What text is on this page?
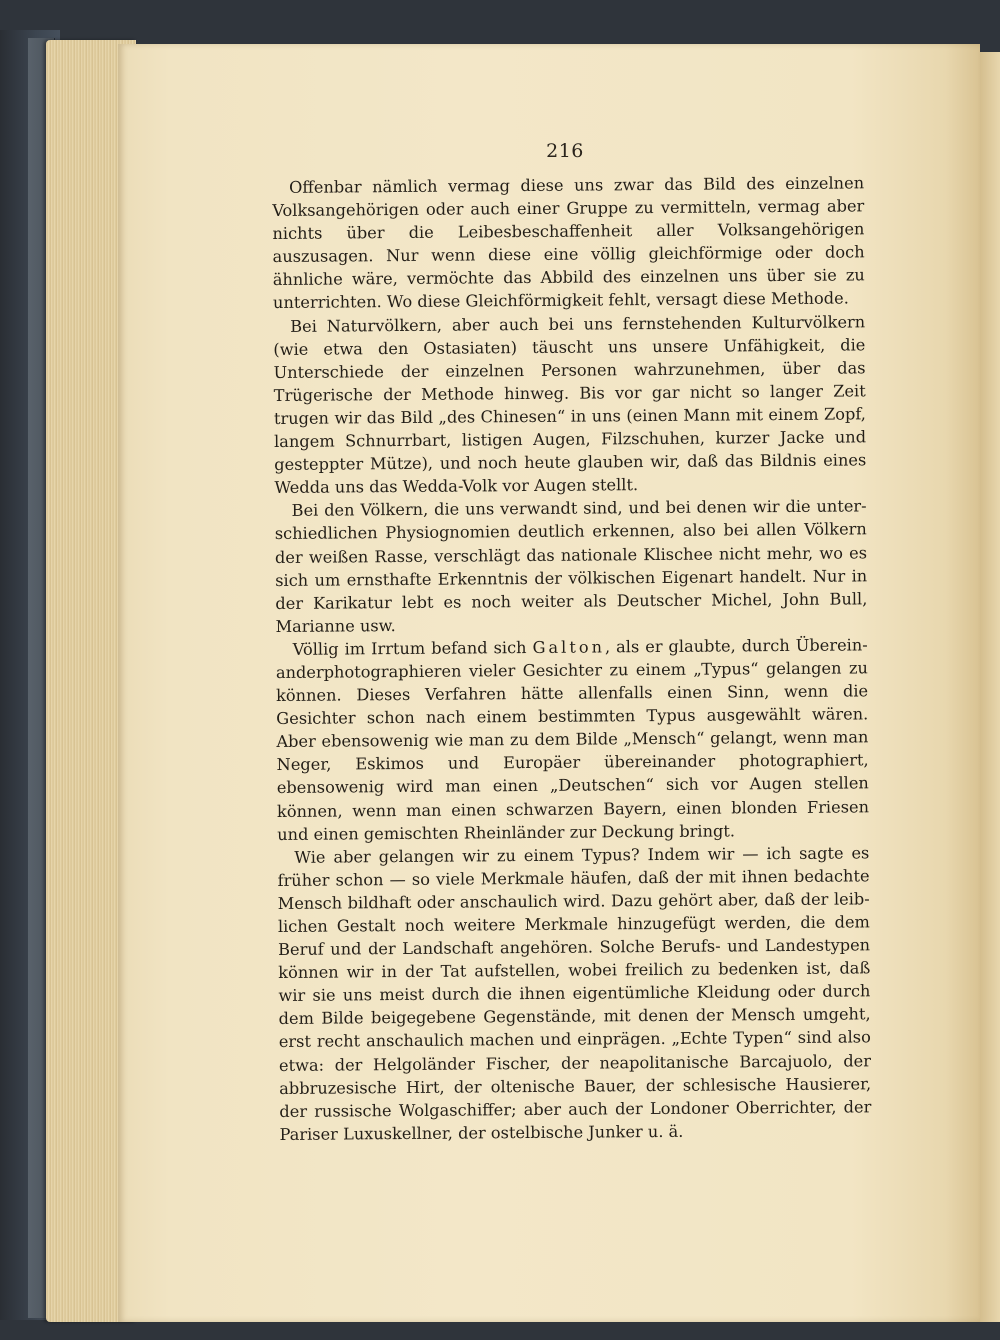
216

Offenbar nämlich vermag diese uns zwar das Bild des einzelnen Volksangehörigen oder auch einer Gruppe zu vermitteln, vermag aber nichts über die Leibesbeschaffenheit aller Volksangehörigen auszusagen. Nur wenn diese eine völlig gleichförmige oder doch ähnliche wäre, vermöchte das Abbild des einzelnen uns über sie zu unterrichten. Wo diese Gleichförmigkeit fehlt, versagt diese Methode.

Bei Naturvölkern, aber auch bei uns fernstehenden Kulturvölkern (wie etwa den Ostasiaten) täuscht uns unsere Unfähigkeit, die Unterschiede der einzelnen Personen wahrzunehmen, über das Trügerische der Methode hinweg. Bis vor gar nicht so langer Zeit trugen wir das Bild „des Chinesen“ in uns (einen Mann mit einem Zopf, langem Schnurrbart, listigen Augen, Filzschuhen, kurzer Jacke und gesteppter Mütze), und noch heute glauben wir, daß das Bildnis eines Wedda uns das Wedda-Volk vor Augen stellt.

Bei den Völkern, die uns verwandt sind, und bei denen wir die unterschiedlichen Physiognomien deutlich erkennen, also bei allen Völkern der weißen Rasse, verschlägt das nationale Klischee nicht mehr, wo es sich um ernsthafte Erkenntnis der völkischen Eigenart handelt. Nur in der Karikatur lebt es noch weiter als Deutscher Michel, John Bull, Marianne usw.

Völlig im Irrtum befand sich Galton, als er glaubte, durch Übereinanderphotographieren vieler Gesichter zu einem „Typus“ gelangen zu können. Dieses Verfahren hätte allenfalls einen Sinn, wenn die Gesichter schon nach einem bestimmten Typus ausgewählt wären. Aber ebensowenig wie man zu dem Bilde „Mensch“ gelangt, wenn man Neger, Eskimos und Europäer übereinander photographiert, ebensowenig wird man einen „Deutschen“ sich vor Augen stellen können, wenn man einen schwarzen Bayern, einen blonden Friesen und einen gemischten Rheinländer zur Deckung bringt.

Wie aber gelangen wir zu einem Typus? Indem wir — ich sagte es früher schon — so viele Merkmale häufen, daß der mit ihnen bedachte Mensch bildhaft oder anschaulich wird. Dazu gehört aber, daß der leiblichen Gestalt noch weitere Merkmale hinzugefügt werden, die dem Beruf und der Landschaft angehören. Solche Berufs- und Landestypen können wir in der Tat aufstellen, wobei freilich zu bedenken ist, daß wir sie uns meist durch die ihnen eigentümliche Kleidung oder durch dem Bilde beigegebene Gegenstände, mit denen der Mensch umgeht, erst recht anschaulich machen und einprägen. „Echte Typen“ sind also etwa: der Helgoländer Fischer, der neapolitanische Barcajuolo, der abbruzesische Hirt, der oltenische Bauer, der schlesische Hausierer, der russische Wolgaschiffer; aber auch der Londoner Oberrichter, der Pariser Luxuskellner, der ostelbische Junker u. ä.
